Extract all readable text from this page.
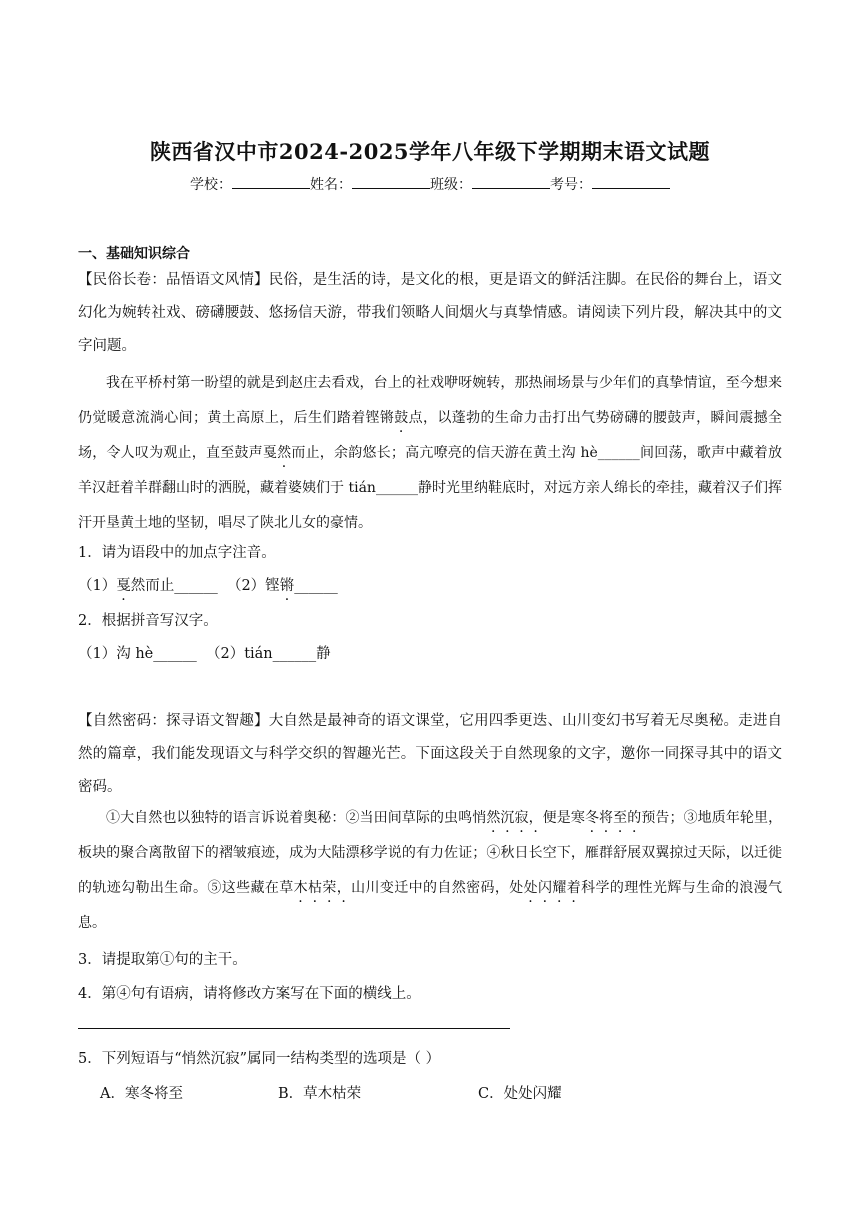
陕西省汉中市2024-2025学年八年级下学期期末语文试题
学校：	姓名：	班级：	考号：
一、基础知识综合
【民俗长卷：品悟语文风情】民俗，是生活的诗，是文化的根，更是语文的鲜活注脚。在民俗的舞台上，语文幻化为婉转社戏、磅礴腰鼓、悠扬信天游，带我们领略人间烟火与真挚情感。请阅读下列片段，解决其中的文字问题。
我在平桥村第一盼望的就是到赵庄去看戏，台上的社戏咿呀婉转，那热闹场景与少年们的真挚情谊，至今想来仍觉暖意流淌心间；黄土高原上，后生们踏着铿锵鼓点，以蓬勃的生命力击打出气势磅礴的腰鼓声，瞬间震撼全场，令人叹为观止，直至鼓声戛然而止，余韵悠长；高亢嘹亮的信天游在黄土沟 hè______间回荡，歌声中藏着放羊汉赶着羊群翻山时的洒脱，藏着婆姨们于 tián______静时光里纳鞋底时，对远方亲人绵长的牵挂，藏着汉子们挥汗开垦黄土地的坚韧，唱尽了陕北儿女的豪情。
1．请为语段中的加点字注音。
（1）戛然而止______ （2）铿锵______
2．根据拼音写汉字。
（1）沟 hè______  （2）tián______静
【自然密码：探寻语文智趣】大自然是最神奇的语文课堂，它用四季更迭、山川变幻书写着无尽奥秘。走进自然的篇章，我们能发现语文与科学交织的智趣光芒。下面这段关于自然现象的文字，邀你一同探寻其中的语文密码。
①大自然也以独特的语言诉说着奥秘：②当田间草际的虫鸣悄然沉寂，便是寒冬将至的预告；③地质年轮里，板块的聚合离散留下的褶皱痕迹，成为大陆漂移学说的有力佐证；④秋日长空下，雁群舒展双翼掠过天际，以迁徙的轨迹勾勒出生命。⑤这些藏在草木枯荣，山川变迁中的自然密码，处处闪耀着科学的理性光辉与生命的浪漫气息。
3．请提取第①句的主干。
4．第④句有语病，请将修改方案写在下面的横线上。
5．下列短语与“悄然沉寂”属同一结构类型的选项是（ ）
A．寒冬将至	B．草木枯荣	C．处处闪耀
